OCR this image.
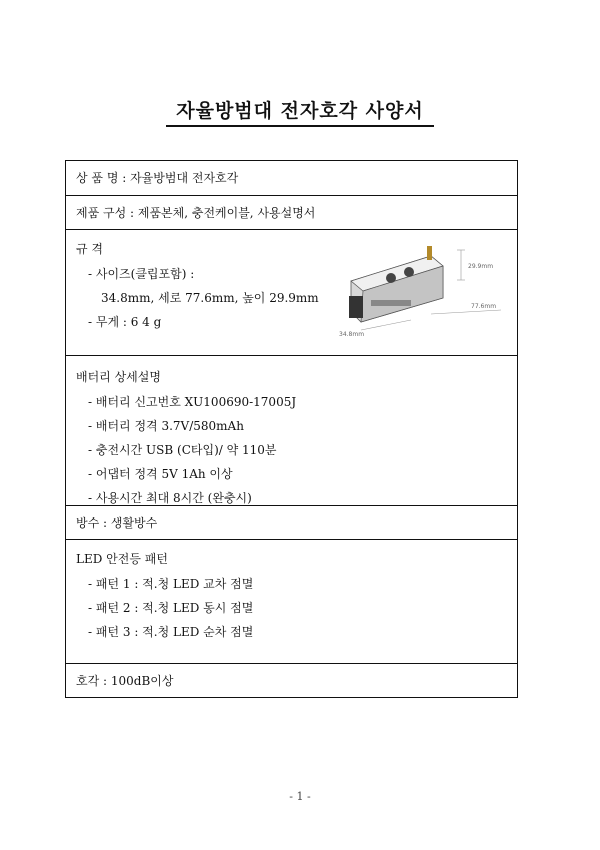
자율방범대 전자호각 사양서
상 품 명 : 자율방범대 전자호각
제품 구성 : 제품본체, 충전케이블, 사용설명서
규 격
- 사이즈(클립포함) :
34.8mm, 세로 77.6mm, 높이 29.9mm
- 무게 : 6 4 g
29.9mm
77.6mm
34.8mm
배터리 상세설명
- 배터리 신고번호 XU100690-17005J
- 배터리 정격 3.7V/580mAh
- 충전시간 USB (C타입)/ 약 110분
- 어댑터 정격 5V 1Ah 이상
- 사용시간 최대 8시간 (완충시)
방수 : 생활방수
LED 안전등 패턴
- 패턴 1 : 적.청 LED 교차 점멸
- 패턴 2 : 적.청 LED 동시 점멸
- 패턴 3 : 적.청 LED 순차 점멸
호각 : 100dB이상
- 1 -
